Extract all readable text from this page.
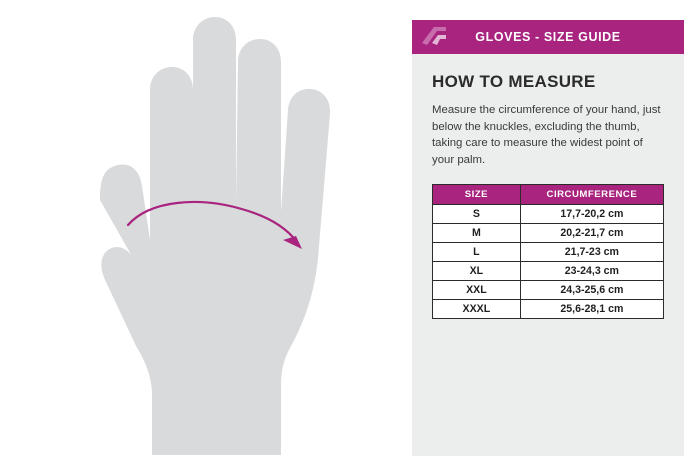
GLOVES - SIZE GUIDE
HOW TO MEASURE

Measure the circumference of your hand, just below the knuckles, excluding the thumb, taking care to measure the widest point of your palm.

SIZE	CIRCUMFERENCE
S	17,7-20,2 cm
M	20,2-21,7 cm
L	21,7-23 cm
XL	23-24,3 cm
XXL	24,3-25,6 cm
XXXL	25,6-28,1 cm
